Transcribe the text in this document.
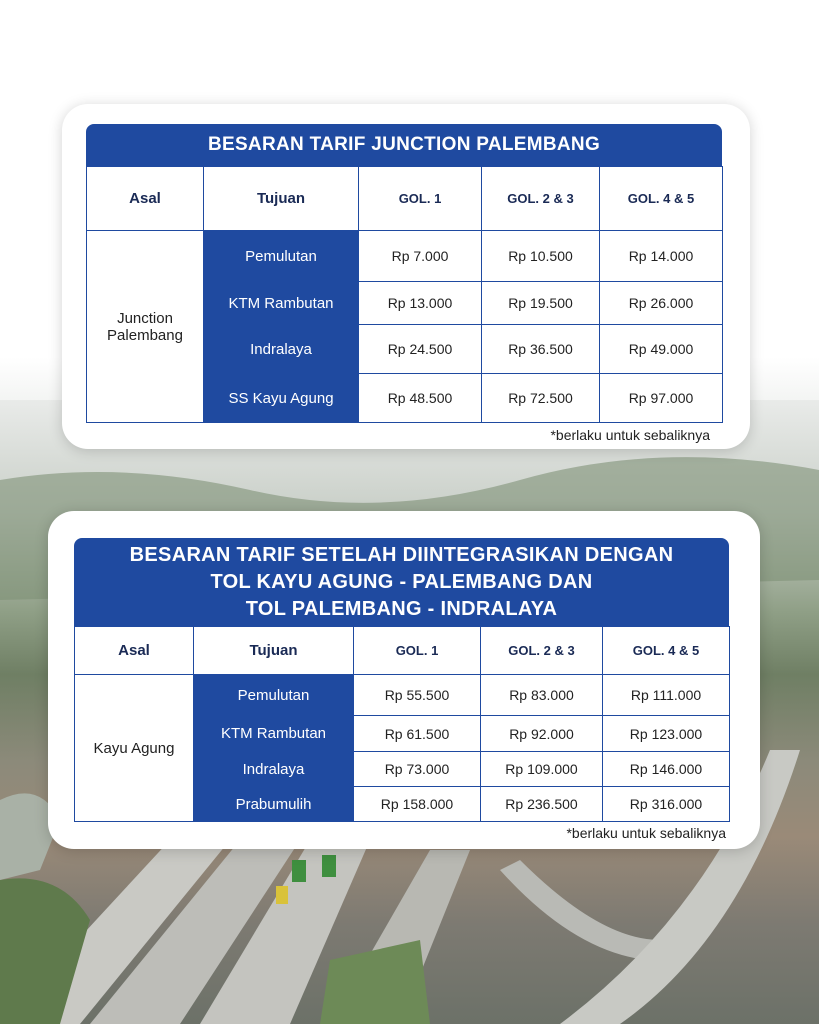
BESARAN TARIF JUNCTION PALEMBANG
Asal	Tujuan	GOL. 1	GOL. 2 & 3	GOL. 4 & 5
Junction Palembang	Pemulutan	Rp 7.000	Rp 10.500	Rp 14.000
	KTM Rambutan	Rp 13.000	Rp 19.500	Rp 26.000
	Indralaya	Rp 24.500	Rp 36.500	Rp 49.000
	SS Kayu Agung	Rp 48.500	Rp 72.500	Rp 97.000
*berlaku untuk sebaliknya
BESARAN TARIF SETELAH DIINTEGRASIKAN DENGAN
TOL KAYU AGUNG - PALEMBANG DAN
TOL PALEMBANG - INDRALAYA
Asal	Tujuan	GOL. 1	GOL. 2 & 3	GOL. 4 & 5
Kayu Agung	Pemulutan	Rp 55.500	Rp 83.000	Rp 111.000
	KTM Rambutan	Rp 61.500	Rp 92.000	Rp 123.000
	Indralaya	Rp 73.000	Rp 109.000	Rp 146.000
	Prabumulih	Rp 158.000	Rp 236.500	Rp 316.000
*berlaku untuk sebaliknya
